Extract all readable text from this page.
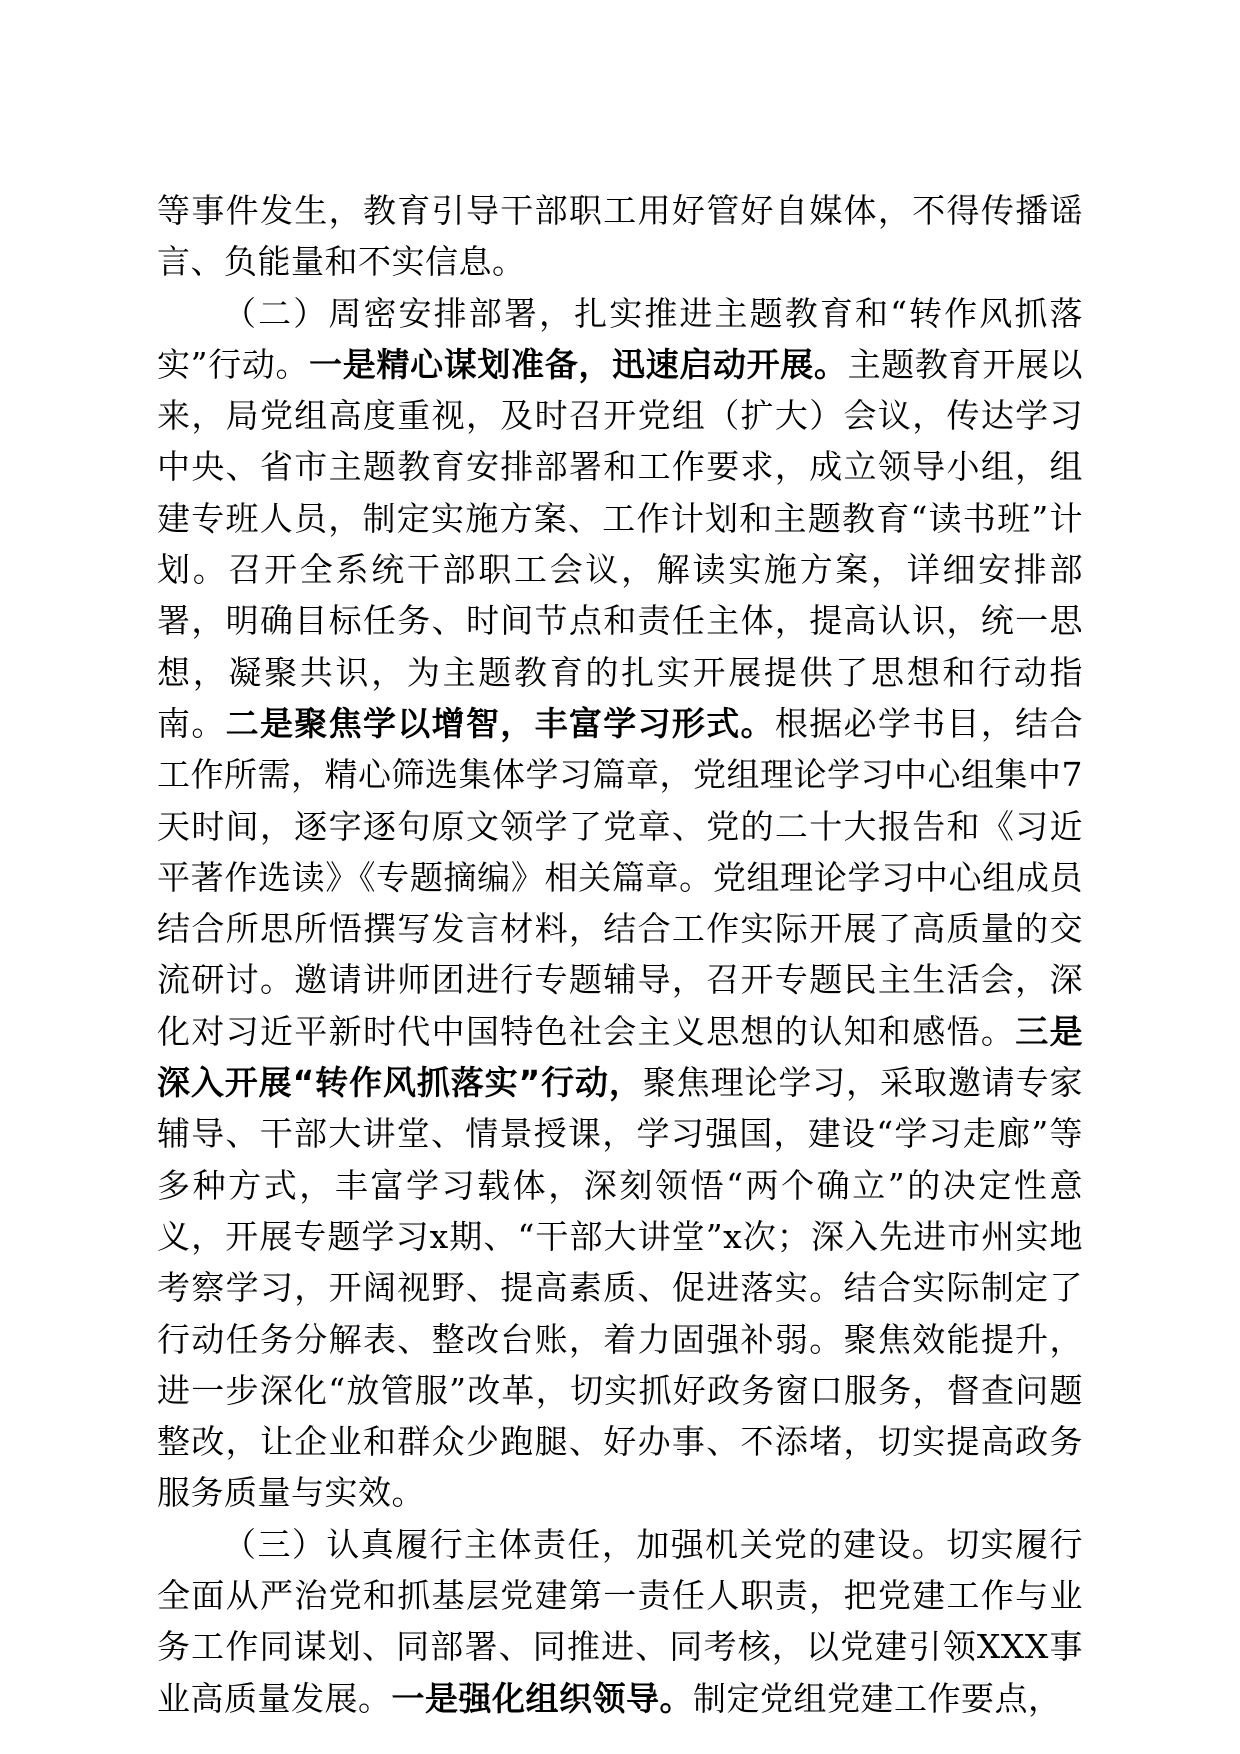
等事件发生，教育引导干部职工用好管好自媒体，不得传播谣言、负能量和不实信息。

（二）周密安排部署，扎实推进主题教育和“转作风抓落实”行动。一是精心谋划准备，迅速启动开展。主题教育开展以来，局党组高度重视，及时召开党组（扩大）会议，传达学习中央、省市主题教育安排部署和工作要求，成立领导小组，组建专班人员，制定实施方案、工作计划和主题教育“读书班”计划。召开全系统干部职工会议，解读实施方案，详细安排部署，明确目标任务、时间节点和责任主体，提高认识，统一思想，凝聚共识，为主题教育的扎实开展提供了思想和行动指南。二是聚焦学以增智，丰富学习形式。根据必学书目，结合工作所需，精心筛选集体学习篇章，党组理论学习中心组集中7天时间，逐字逐句原文领学了党章、党的二十大报告和《习近平著作选读》《专题摘编》相关篇章。党组理论学习中心组成员结合所思所悟撰写发言材料，结合工作实际开展了高质量的交流研讨。邀请讲师团进行专题辅导，召开专题民主生活会，深化对习近平新时代中国特色社会主义思想的认知和感悟。三是深入开展“转作风抓落实”行动，聚焦理论学习，采取邀请专家辅导、干部大讲堂、情景授课，学习强国，建设“学习走廊”等多种方式，丰富学习载体，深刻领悟“两个确立”的决定性意义，开展专题学习x期、“干部大讲堂”x次；深入先进市州实地考察学习，开阔视野、提高素质、促进落实。结合实际制定了行动任务分解表、整改台账，着力固强补弱。聚焦效能提升，进一步深化“放管服”改革，切实抓好政务窗口服务，督查问题整改，让企业和群众少跑腿、好办事、不添堵，切实提高政务服务质量与实效。

（三）认真履行主体责任，加强机关党的建设。切实履行全面从严治党和抓基层党建第一责任人职责，把党建工作与业务工作同谋划、同部署、同推进、同考核，以党建引领XXX事业高质量发展。一是强化组织领导。制定党组党建工作要点，
